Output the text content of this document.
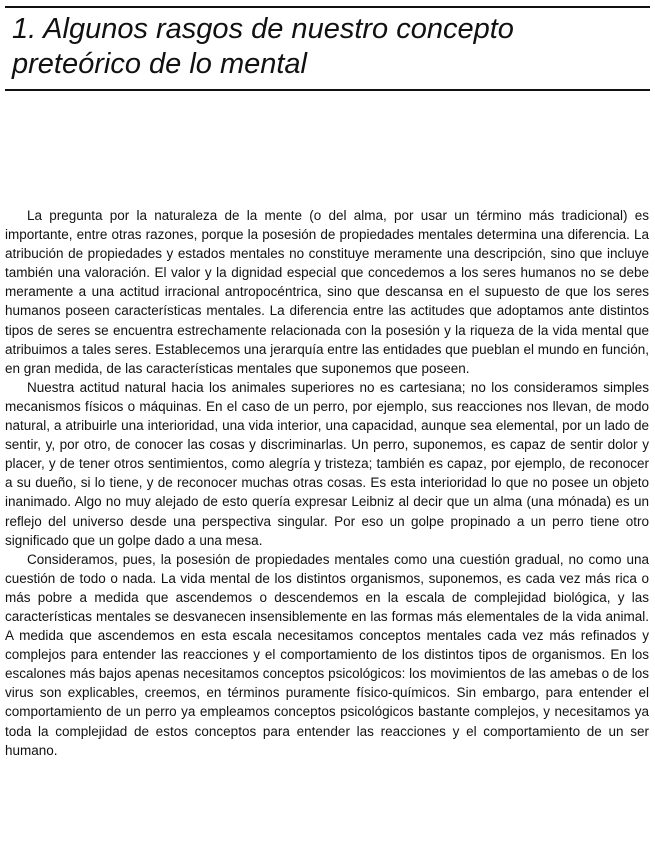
1. Algunos rasgos de nuestro concepto
preteórico de lo mental

La pregunta por la naturaleza de la mente (o del alma, por usar un término más tradicional) es importante, entre otras razones, porque la posesión de propiedades mentales determina una diferencia. La atribución de propiedades y estados mentales no constituye meramente una descripción, sino que incluye también una valoración. El valor y la dignidad especial que concedemos a los seres humanos no se debe meramente a una actitud irracional antropocéntrica, sino que descansa en el supuesto de que los seres humanos poseen características mentales. La diferencia entre las actitudes que adoptamos ante distintos tipos de seres se encuentra estrechamente relacionada con la posesión y la riqueza de la vida mental que atribuimos a tales seres. Establecemos una jerarquía entre las entidades que pueblan el mundo en función, en gran medida, de las características mentales que suponemos que poseen.

Nuestra actitud natural hacia los animales superiores no es cartesiana; no los consideramos simples mecanismos físicos o máquinas. En el caso de un perro, por ejemplo, sus reacciones nos llevan, de modo natural, a atribuirle una interioridad, una vida interior, una capacidad, aunque sea elemental, por un lado de sentir, y, por otro, de conocer las cosas y discriminarlas. Un perro, suponemos, es capaz de sentir dolor y placer, y de tener otros sentimientos, como alegría y tristeza; también es capaz, por ejemplo, de reconocer a su dueño, si lo tiene, y de reconocer muchas otras cosas. Es esta interioridad lo que no posee un objeto inanimado. Algo no muy alejado de esto quería expresar Leibniz al decir que un alma (una mónada) es un reflejo del universo desde una perspectiva singular. Por eso un golpe propinado a un perro tiene otro significado que un golpe dado a una mesa.

Consideramos, pues, la posesión de propiedades mentales como una cuestión gradual, no como una cuestión de todo o nada. La vida mental de los distintos organismos, suponemos, es cada vez más rica o más pobre a medida que ascendemos o descendemos en la escala de complejidad biológica, y las características mentales se desvanecen insensiblemente en las formas más elementales de la vida animal. A medida que ascendemos en esta escala necesitamos conceptos mentales cada vez más refinados y complejos para entender las reacciones y el comportamiento de los distintos tipos de organismos. En los escalones más bajos apenas necesitamos conceptos psicológicos: los movimientos de las amebas o de los virus son explicables, creemos, en términos puramente físico-químicos. Sin embargo, para entender el comportamiento de un perro ya empleamos conceptos psicológicos bastante complejos, y necesitamos ya toda la complejidad de estos conceptos para entender las reacciones y el comportamiento de un ser humano.
